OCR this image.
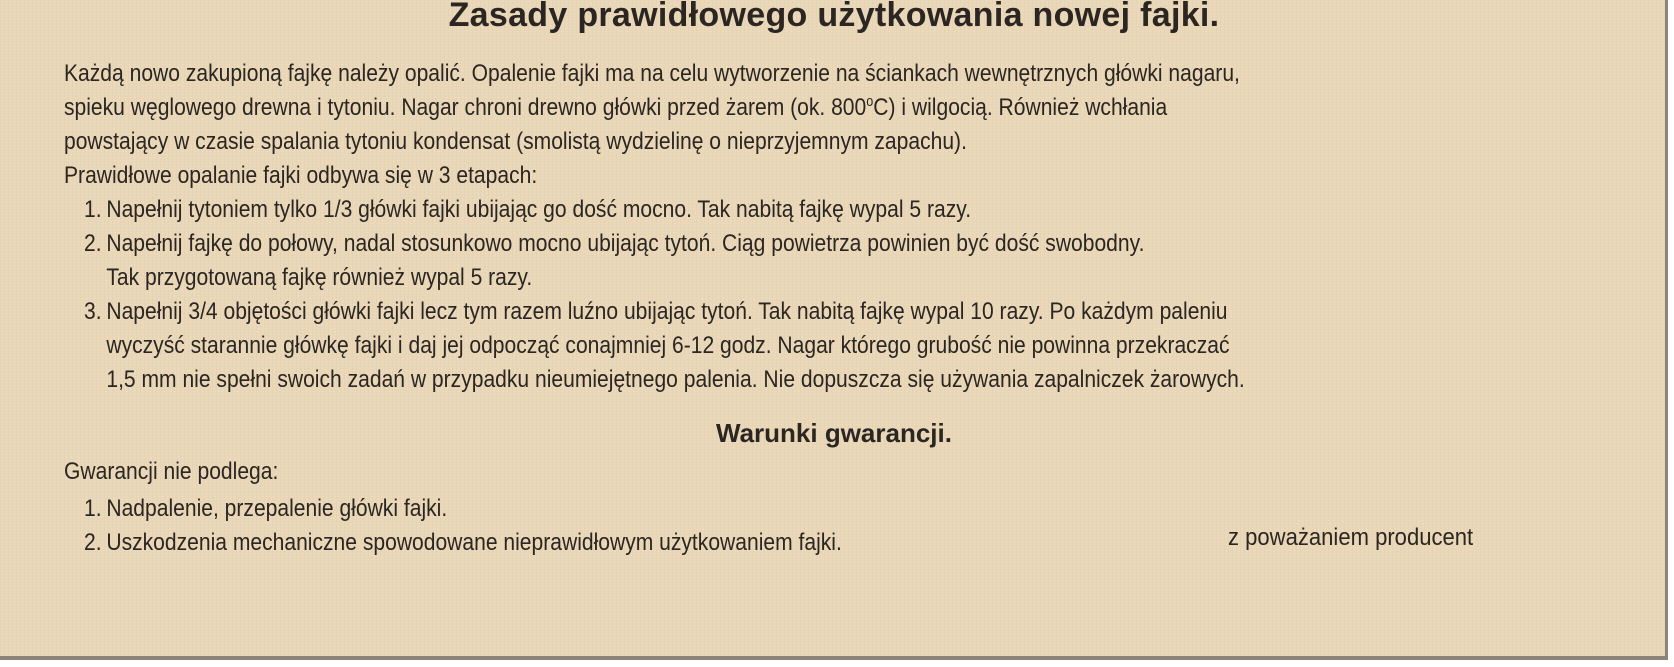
Zasady prawidłowego użytkowania nowej fajki.
Każdą nowo zakupioną fajkę należy opalić. Opalenie fajki ma na celu wytworzenie na ściankach wewnętrznych główki nagaru,
spieku węglowego drewna i tytoniu. Nagar chroni drewno główki przed żarem (ok. 800$^o$C) i wilgocią. Również wchłania
powstający w czasie spalania tytoniu kondensat (smolistą wydzielinę o nieprzyjemnym zapachu).
Prawidłowe opalanie fajki odbywa się w 3 etapach:
1. Napełnij tytoniem tylko 1/3 główki fajki ubijając go dość mocno. Tak nabitą fajkę wypal 5 razy.
2. Napełnij fajkę do połowy, nadal stosunkowo mocno ubijając tytoń. Ciąg powietrza powinien być dość swobodny.
Tak przygotowaną fajkę również wypal 5 razy.
3. Napełnij 3/4 objętości główki fajki lecz tym razem luźno ubijając tytoń. Tak nabitą fajkę wypal 10 razy. Po każdym paleniu
wyczyść starannie główkę fajki i daj jej odpocząć conajmniej 6-12 godz. Nagar którego grubość nie powinna przekraczać
1,5 mm nie spełni swoich zadań w przypadku nieumiejętnego palenia. Nie dopuszcza się używania zapalniczek żarowych.
Warunki gwarancji.
Gwarancji nie podlega:
1. Nadpalenie, przepalenie główki fajki.
2. Uszkodzenia mechaniczne spowodowane nieprawidłowym użytkowaniem fajki.	z poważaniem producent
